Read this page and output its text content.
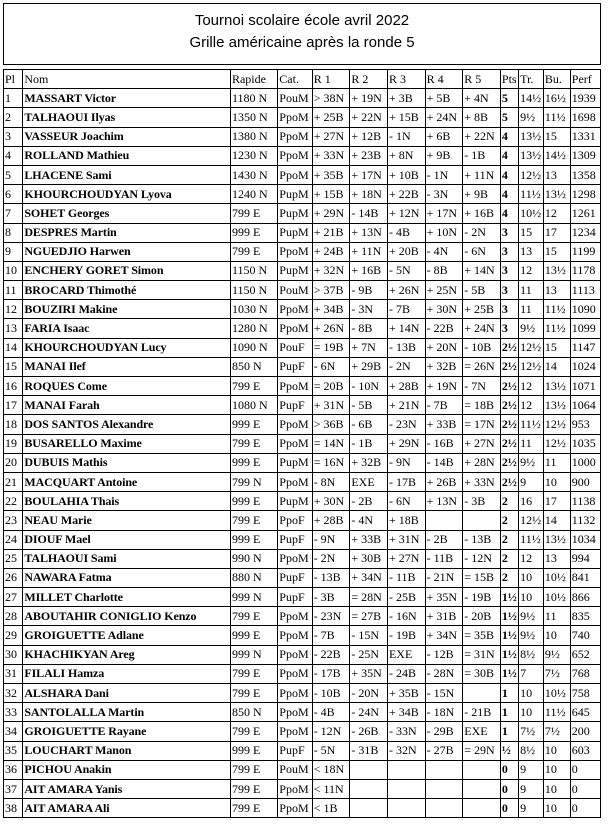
Tournoi scolaire école avril 2022
Grille américaine après la ronde 5
Pl	Nom	Rapide	Cat.	R 1	R 2	R 3	R 4	R 5	Pts	Tr.	Bu.	Perf
1	MASSART Victor	1180 N	PouM	> 38N	+ 19N	+ 3B	+ 5B	+ 4N	5	14½	16½	1939
2	TALHAOUI Ilyas	1350 N	PpoM	+ 25B	+ 22N	+ 15B	+ 24N	+ 8B	5	9½	11½	1698
3	VASSEUR Joachim	1380 N	PpoM	+ 27N	+ 12B	- 1N	+ 6B	+ 22N	4	13½	15	1331
4	ROLLAND Mathieu	1230 N	PpoM	+ 33N	+ 23B	+ 8N	+ 9B	- 1B	4	13½	14½	1309
5	LHACENE Sami	1430 N	PpoM	+ 35B	+ 17N	+ 10B	- 1N	+ 11N	4	12½	13	1358
6	KHOURCHOUDYAN Lyova	1240 N	PupM	+ 15B	+ 18N	+ 22B	- 3N	+ 9B	4	11½	13½	1298
7	SOHET Georges	799 E	PupM	+ 29N	- 14B	+ 12N	+ 17N	+ 16B	4	10½	12	1261
8	DESPRES Martin	999 E	PupM	+ 21B	+ 13N	- 4B	+ 10N	- 2N	3	15	17	1234
9	NGUEDJIO Harwen	799 E	PpoM	+ 24B	+ 11N	+ 20B	- 4N	- 6N	3	13	15	1199
10	ENCHERY GORET Simon	1150 N	PupM	+ 32N	+ 16B	- 5N	- 8B	+ 14N	3	12	13½	1178
11	BROCARD Thimothé	1150 N	PouM	> 37B	- 9B	+ 26N	+ 25N	- 5B	3	11	13	1113
12	BOUZIRI Makine	1030 N	PpoM	+ 34B	- 3N	- 7B	+ 30N	+ 25B	3	11	11½	1090
13	FARIA Isaac	1280 N	PpoM	+ 26N	- 8B	+ 14N	- 22B	+ 24N	3	9½	11½	1099
14	KHOURCHOUDYAN Lucy	1090 N	PouF	= 19B	+ 7N	- 13B	+ 20N	- 10B	2½	12½	15	1147
15	MANAI Ilef	850 N	PupF	- 6N	+ 29B	- 2N	+ 32B	= 26N	2½	12½	14	1024
16	ROQUES Come	799 E	PpoM	= 20B	- 10N	+ 28B	+ 19N	- 7N	2½	12	13½	1071
17	MANAI Farah	1080 N	PupF	+ 31N	- 5B	+ 21N	- 7B	= 18B	2½	12	13½	1064
18	DOS SANTOS Alexandre	999 E	PpoM	> 36B	- 6B	- 23N	+ 33B	= 17N	2½	11½	12½	953
19	BUSARELLO Maxime	799 E	PpoM	= 14N	- 1B	+ 29N	- 16B	+ 27N	2½	11	12½	1035
20	DUBUIS Mathis	999 E	PupM	= 16N	+ 32B	- 9N	- 14B	+ 28N	2½	9½	11	1000
21	MACQUART Antoine	799 N	PpoM	- 8N	EXE	- 17B	+ 26B	+ 33N	2½	9	10	900
22	BOULAHIA Thais	999 E	PupM	+ 30N	- 2B	- 6N	+ 13N	- 3B	2	16	17	1138
23	NEAU Marie	799 E	PpoF	+ 28B	- 4N	+ 18B			2	12½	14	1132
24	DIOUF Mael	999 E	PupF	- 9N	+ 33B	+ 31N	- 2B	- 13B	2	11½	13½	1034
25	TALHAOUI Sami	990 N	PpoM	- 2N	+ 30B	+ 27N	- 11B	- 12N	2	12	13	994
26	NAWARA Fatma	880 N	PupF	- 13B	+ 34N	- 11B	- 21N	= 15B	2	10	10½	841
27	MILLET Charlotte	999 N	PupF	- 3B	= 28N	- 25B	+ 35N	- 19B	1½	10	10½	866
28	ABOUTAHIR CONIGLIO Kenzo	799 E	PpoM	- 23N	= 27B	- 16N	+ 31B	- 20B	1½	9½	11	835
29	GROIGUETTE Adlane	999 E	PpoM	- 7B	- 15N	- 19B	+ 34N	= 35B	1½	9½	10	740
30	KHACHIKYAN Areg	999 N	PpoM	- 22B	- 25N	EXE	- 12B	= 31N	1½	8½	9½	652
31	FILALI Hamza	799 E	PpoM	- 17B	+ 35N	- 24B	- 28N	= 30B	1½	7	7½	768
32	ALSHARA Dani	799 E	PpoM	- 10B	- 20N	+ 35B	- 15N		1	10	10½	758
33	SANTOLALLA Martin	850 N	PpoM	- 4B	- 24N	+ 34B	- 18N	- 21B	1	10	11½	645
34	GROIGUETTE Rayane	799 E	PpoM	- 12N	- 26B	- 33N	- 29B	EXE	1	7½	7½	200
35	LOUCHART Manon	999 E	PupF	- 5N	- 31B	- 32N	- 27B	= 29N	½	8½	10	603
36	PICHOU Anakin	799 E	PouM	< 18N					0	9	10	0
37	AIT AMARA Yanis	799 E	PpoM	< 11N					0	9	10	0
38	AIT AMARA Ali	799 E	PpoM	< 1B					0	9	10	0
